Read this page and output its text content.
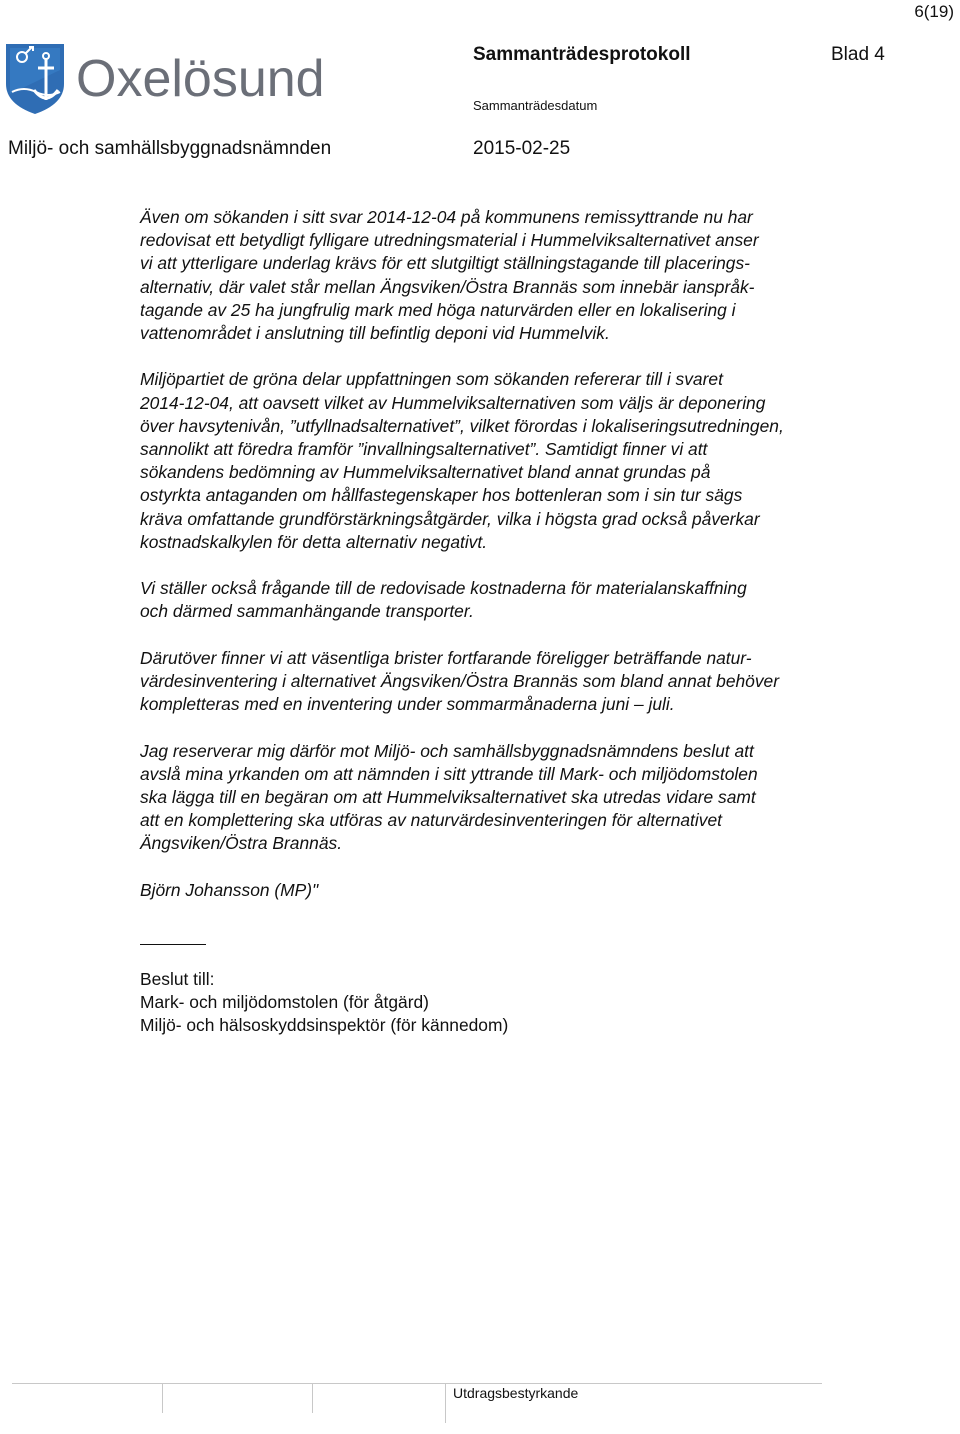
6(19)
Oxelösund	Sammanträdesprotokoll	Blad 4
Sammanträdesdatum
Miljö- och samhällsbyggnadsnämnden	2015-02-25

Även om sökanden i sitt svar 2014-12-04 på kommunens remissyttrande nu har
redovisat ett betydligt fylligare utredningsmaterial i Hummelviksalternativet anser
vi att ytterligare underlag krävs för ett slutgiltigt ställningstagande till placerings-
alternativ, där valet står mellan Ängsviken/Östra Brannäs som innebär ianspråk-
tagande av 25 ha jungfrulig mark med höga naturvärden eller en lokalisering i
vattenområdet i anslutning till befintlig deponi vid Hummelvik.

Miljöpartiet de gröna delar uppfattningen som sökanden refererar till i svaret
2014-12-04, att oavsett vilket av Hummelviksalternativen som väljs är deponering
över havsytenivån, ”utfyllnadsalternativet”, vilket förordas i lokaliseringsutredningen,
sannolikt att föredra framför ”invallningsalternativet”. Samtidigt finner vi att
sökandens bedömning av Hummelviksalternativet bland annat grundas på
ostyrkta antaganden om hållfastegenskaper hos bottenleran som i sin tur sägs
kräva omfattande grundförstärkningsåtgärder, vilka i högsta grad också påverkar
kostnadskalkylen för detta alternativ negativt.

Vi ställer också frågande till de redovisade kostnaderna för materialanskaffning
och därmed sammanhängande transporter.

Därutöver finner vi att väsentliga brister fortfarande föreligger beträffande natur-
värdesinventering i alternativet Ängsviken/Östra Brannäs som bland annat behöver
kompletteras med en inventering under sommarmånaderna juni – juli.

Jag reserverar mig därför mot Miljö- och samhällsbyggnadsnämndens beslut att
avslå mina yrkanden om att nämnden i sitt yttrande till Mark- och miljödomstolen
ska lägga till en begäran om att Hummelviksalternativet ska utredas vidare samt
att en komplettering ska utföras av naturvärdesinventeringen för alternativet
Ängsviken/Östra Brannäs.

Björn Johansson (MP)"

Beslut till:
Mark- och miljödomstolen (för åtgärd)
Miljö- och hälsoskyddsinspektör (för kännedom)
Utdragsbestyrkande
